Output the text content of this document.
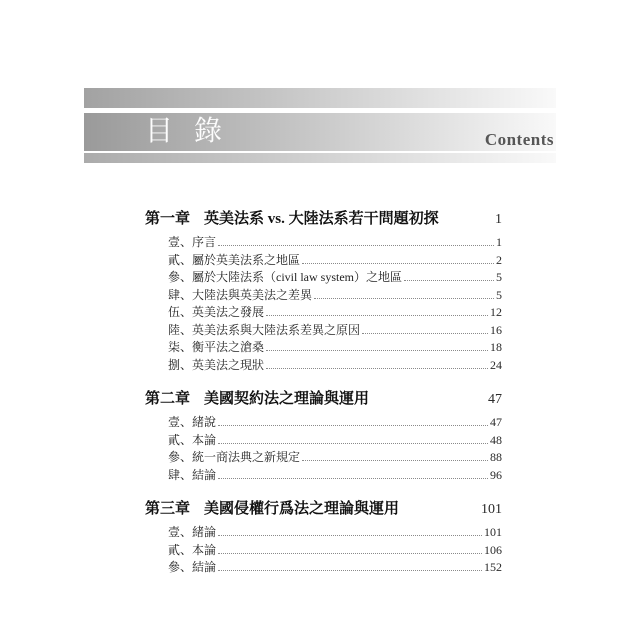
目 錄	Contents
第一章 英美法系 vs. 大陸法系若干問題初探	1
壹、序言	1
貳、屬於英美法系之地區	2
參、屬於大陸法系（civil law system）之地區	5
肆、大陸法與英美法之差異	5
伍、英美法之發展	12
陸、英美法系與大陸法系差異之原因	16
柒、衡平法之滄桑	18
捌、英美法之現狀	24
第二章 美國契約法之理論與運用	47
壹、緒說	47
貳、本論	48
參、統一商法典之新規定	88
肆、結論	96
第三章 美國侵權行爲法之理論與運用	101
壹、緒論	101
貳、本論	106
參、結論	152
